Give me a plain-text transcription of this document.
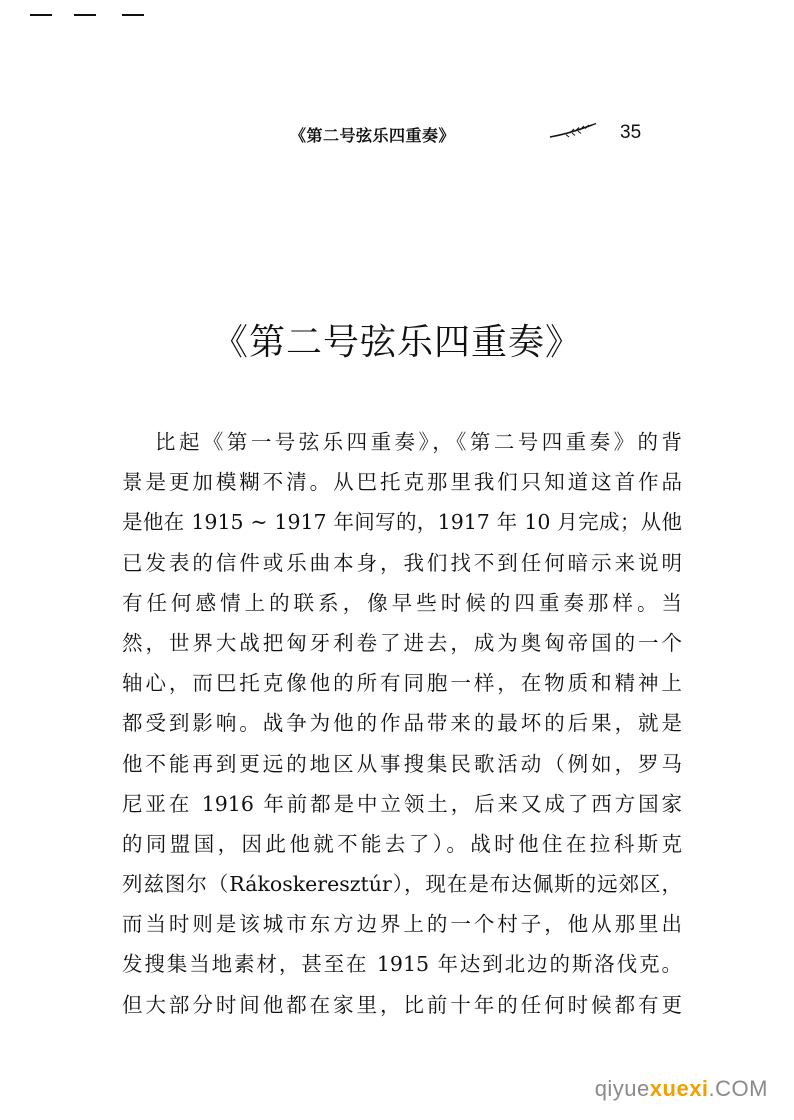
《第二号弦乐四重奏》	35
《第二号弦乐四重奏》
比起《第一号弦乐四重奏》，《第二号四重奏》的背
景是更加模糊不清。从巴托克那里我们只知道这首作品
是他在 1915 ~ 1917 年间写的，1917 年 10 月完成；从他
已发表的信件或乐曲本身，我们找不到任何暗示来说明
有任何感情上的联系，像早些时候的四重奏那样。当
然，世界大战把匈牙利卷了进去，成为奥匈帝国的一个
轴心，而巴托克像他的所有同胞一样，在物质和精神上
都受到影响。战争为他的作品带来的最坏的后果，就是
他不能再到更远的地区从事搜集民歌活动（例如，罗马
尼亚在 1916 年前都是中立领土，后来又成了西方国家
的同盟国，因此他就不能去了）。战时他住在拉科斯克
列兹图尔（Rákoskeresztúr），现在是布达佩斯的远郊区，
而当时则是该城市东方边界上的一个村子，他从那里出
发搜集当地素材，甚至在 1915 年达到北边的斯洛伐克。
但大部分时间他都在家里，比前十年的任何时候都有更
qiyuexuexi.COM
